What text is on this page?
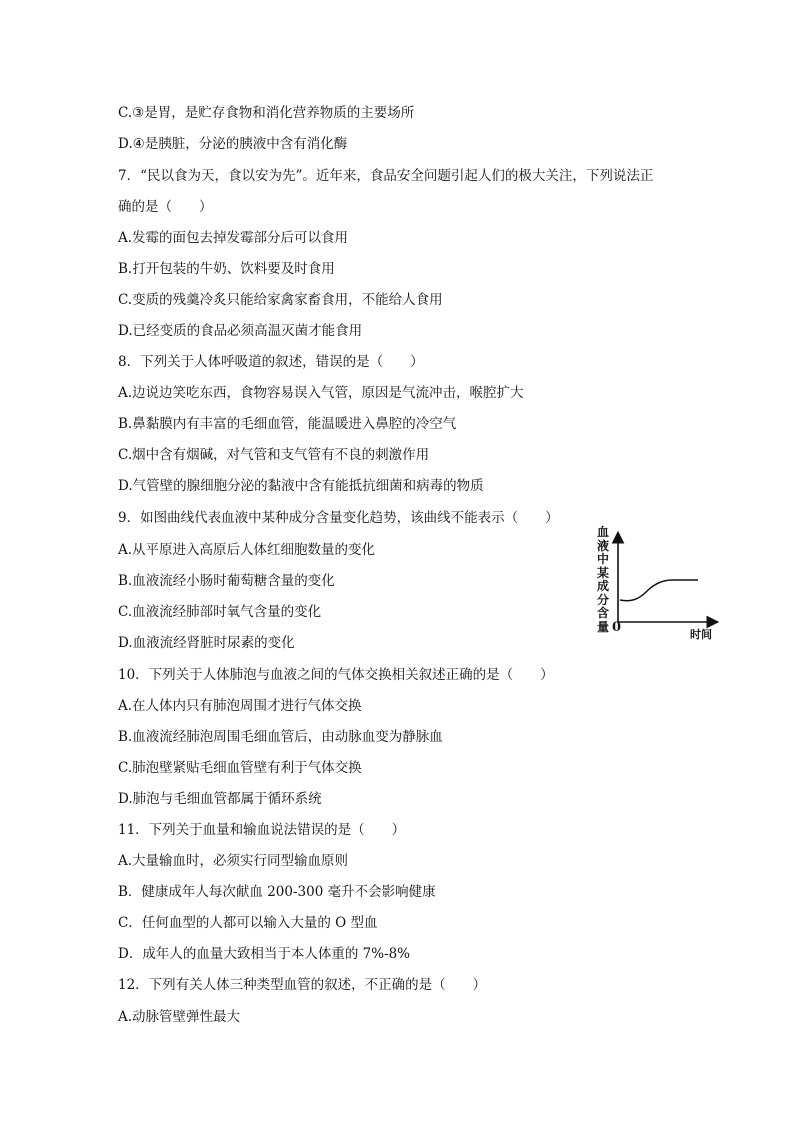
C.③是胃，是贮存食物和消化营养物质的主要场所
D.④是胰脏，分泌的胰液中含有消化酶
7．“民以食为天，食以安为先”。近年来，食品安全问题引起人们的极大关注，下列说法正
确的是（　　）
A.发霉的面包去掉发霉部分后可以食用
B.打开包装的牛奶、饮料要及时食用
C.变质的残羹冷炙只能给家禽家畜食用，不能给人食用
D.已经变质的食品必须高温灭菌才能食用
8．下列关于人体呼吸道的叙述，错误的是（　　）
A.边说边笑吃东西，食物容易误入气管，原因是气流冲击，喉腔扩大
B.鼻黏膜内有丰富的毛细血管，能温暖进入鼻腔的冷空气
C.烟中含有烟碱，对气管和支气管有不良的刺激作用
D.气管壁的腺细胞分泌的黏液中含有能抵抗细菌和病毒的物质
9．如图曲线代表血液中某种成分含量变化趋势，该曲线不能表示（　　）
A.从平原进入高原后人体红细胞数量的变化
B.血液流经小肠时葡萄糖含量的变化
C.血液流经肺部时氧气含量的变化
D.血液流经肾脏时尿素的变化
10．下列关于人体肺泡与血液之间的气体交换相关叙述正确的是（　　）
A.在人体内只有肺泡周围才进行气体交换
B.血液流经肺泡周围毛细血管后，由动脉血变为静脉血
C.肺泡壁紧贴毛细血管壁有利于气体交换
D.肺泡与毛细血管都属于循环系统
11．下列关于血量和输血说法错误的是（　　）
A.大量输血时，必须实行同型输血原则
B．健康成年人每次献血 200-300 毫升不会影响健康
C．任何血型的人都可以输入大量的 O 型血
D．成年人的血量大致相当于本人体重的 7%-8%
12．下列有关人体三种类型血管的叙述，不正确的是（　　）
A.动脉管壁弹性最大
血液中某成分含量 0	时间
